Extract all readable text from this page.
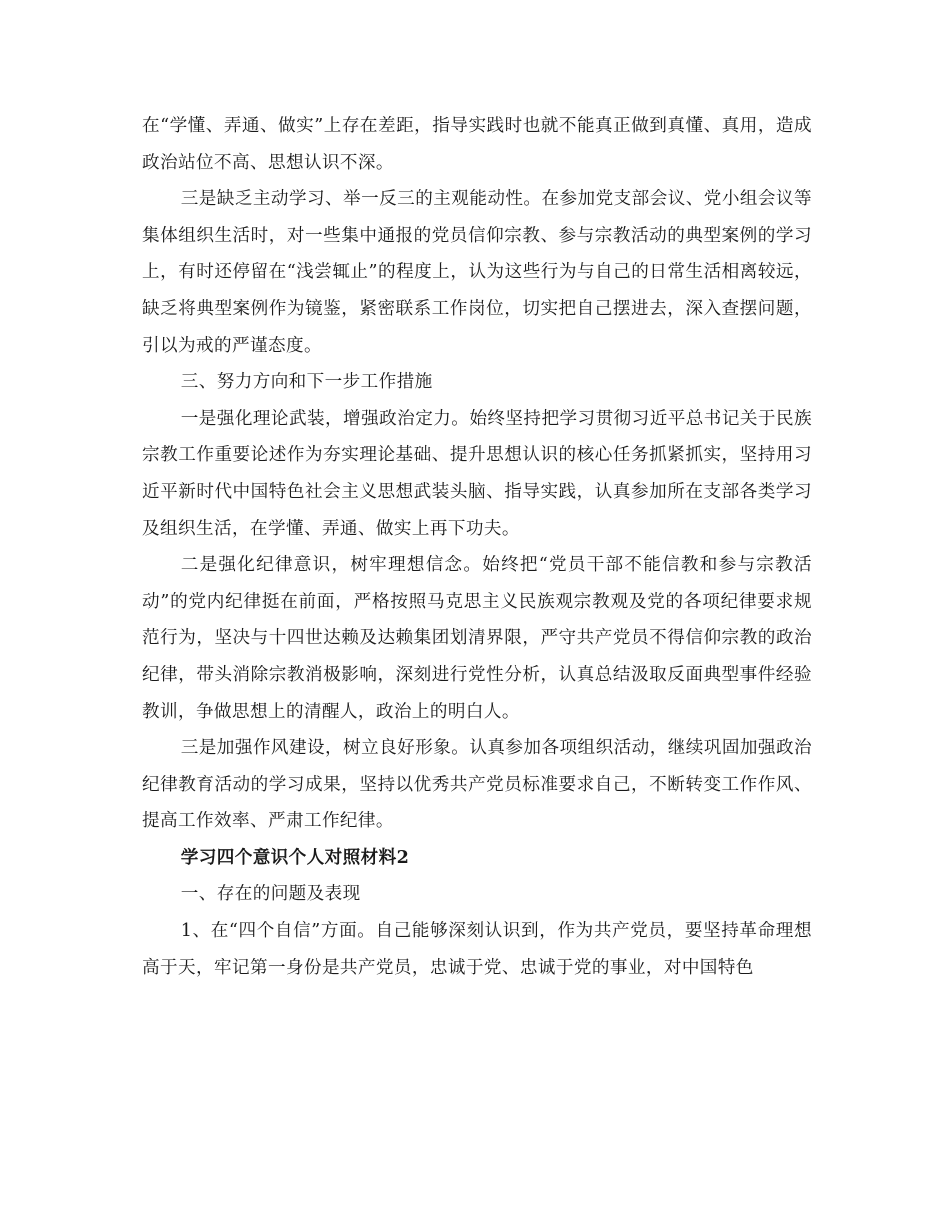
在“学懂、弄通、做实”上存在差距，指导实践时也就不能真正做到真懂、真用，造成政治站位不高、思想认识不深。

三是缺乏主动学习、举一反三的主观能动性。在参加党支部会议、党小组会议等集体组织生活时，对一些集中通报的党员信仰宗教、参与宗教活动的典型案例的学习上，有时还停留在“浅尝辄止”的程度上，认为这些行为与自己的日常生活相离较远，缺乏将典型案例作为镜鉴，紧密联系工作岗位，切实把自己摆进去，深入查摆问题，引以为戒的严谨态度。

三、努力方向和下一步工作措施

一是强化理论武装，增强政治定力。始终坚持把学习贯彻习近平总书记关于民族宗教工作重要论述作为夯实理论基础、提升思想认识的核心任务抓紧抓实，坚持用习近平新时代中国特色社会主义思想武装头脑、指导实践，认真参加所在支部各类学习及组织生活，在学懂、弄通、做实上再下功夫。

二是强化纪律意识，树牢理想信念。始终把“党员干部不能信教和参与宗教活动”的党内纪律挺在前面，严格按照马克思主义民族观宗教观及党的各项纪律要求规范行为，坚决与十四世达赖及达赖集团划清界限，严守共产党员不得信仰宗教的政治纪律，带头消除宗教消极影响，深刻进行党性分析，认真总结汲取反面典型事件经验教训，争做思想上的清醒人，政治上的明白人。

三是加强作风建设，树立良好形象。认真参加各项组织活动，继续巩固加强政治纪律教育活动的学习成果，坚持以优秀共产党员标准要求自己，不断转变工作作风、提高工作效率、严肃工作纪律。

学习四个意识个人对照材料2

一、存在的问题及表现

1、在“四个自信”方面。自己能够深刻认识到，作为共产党员，要坚持革命理想高于天，牢记第一身份是共产党员，忠诚于党、忠诚于党的事业，对中国特色
